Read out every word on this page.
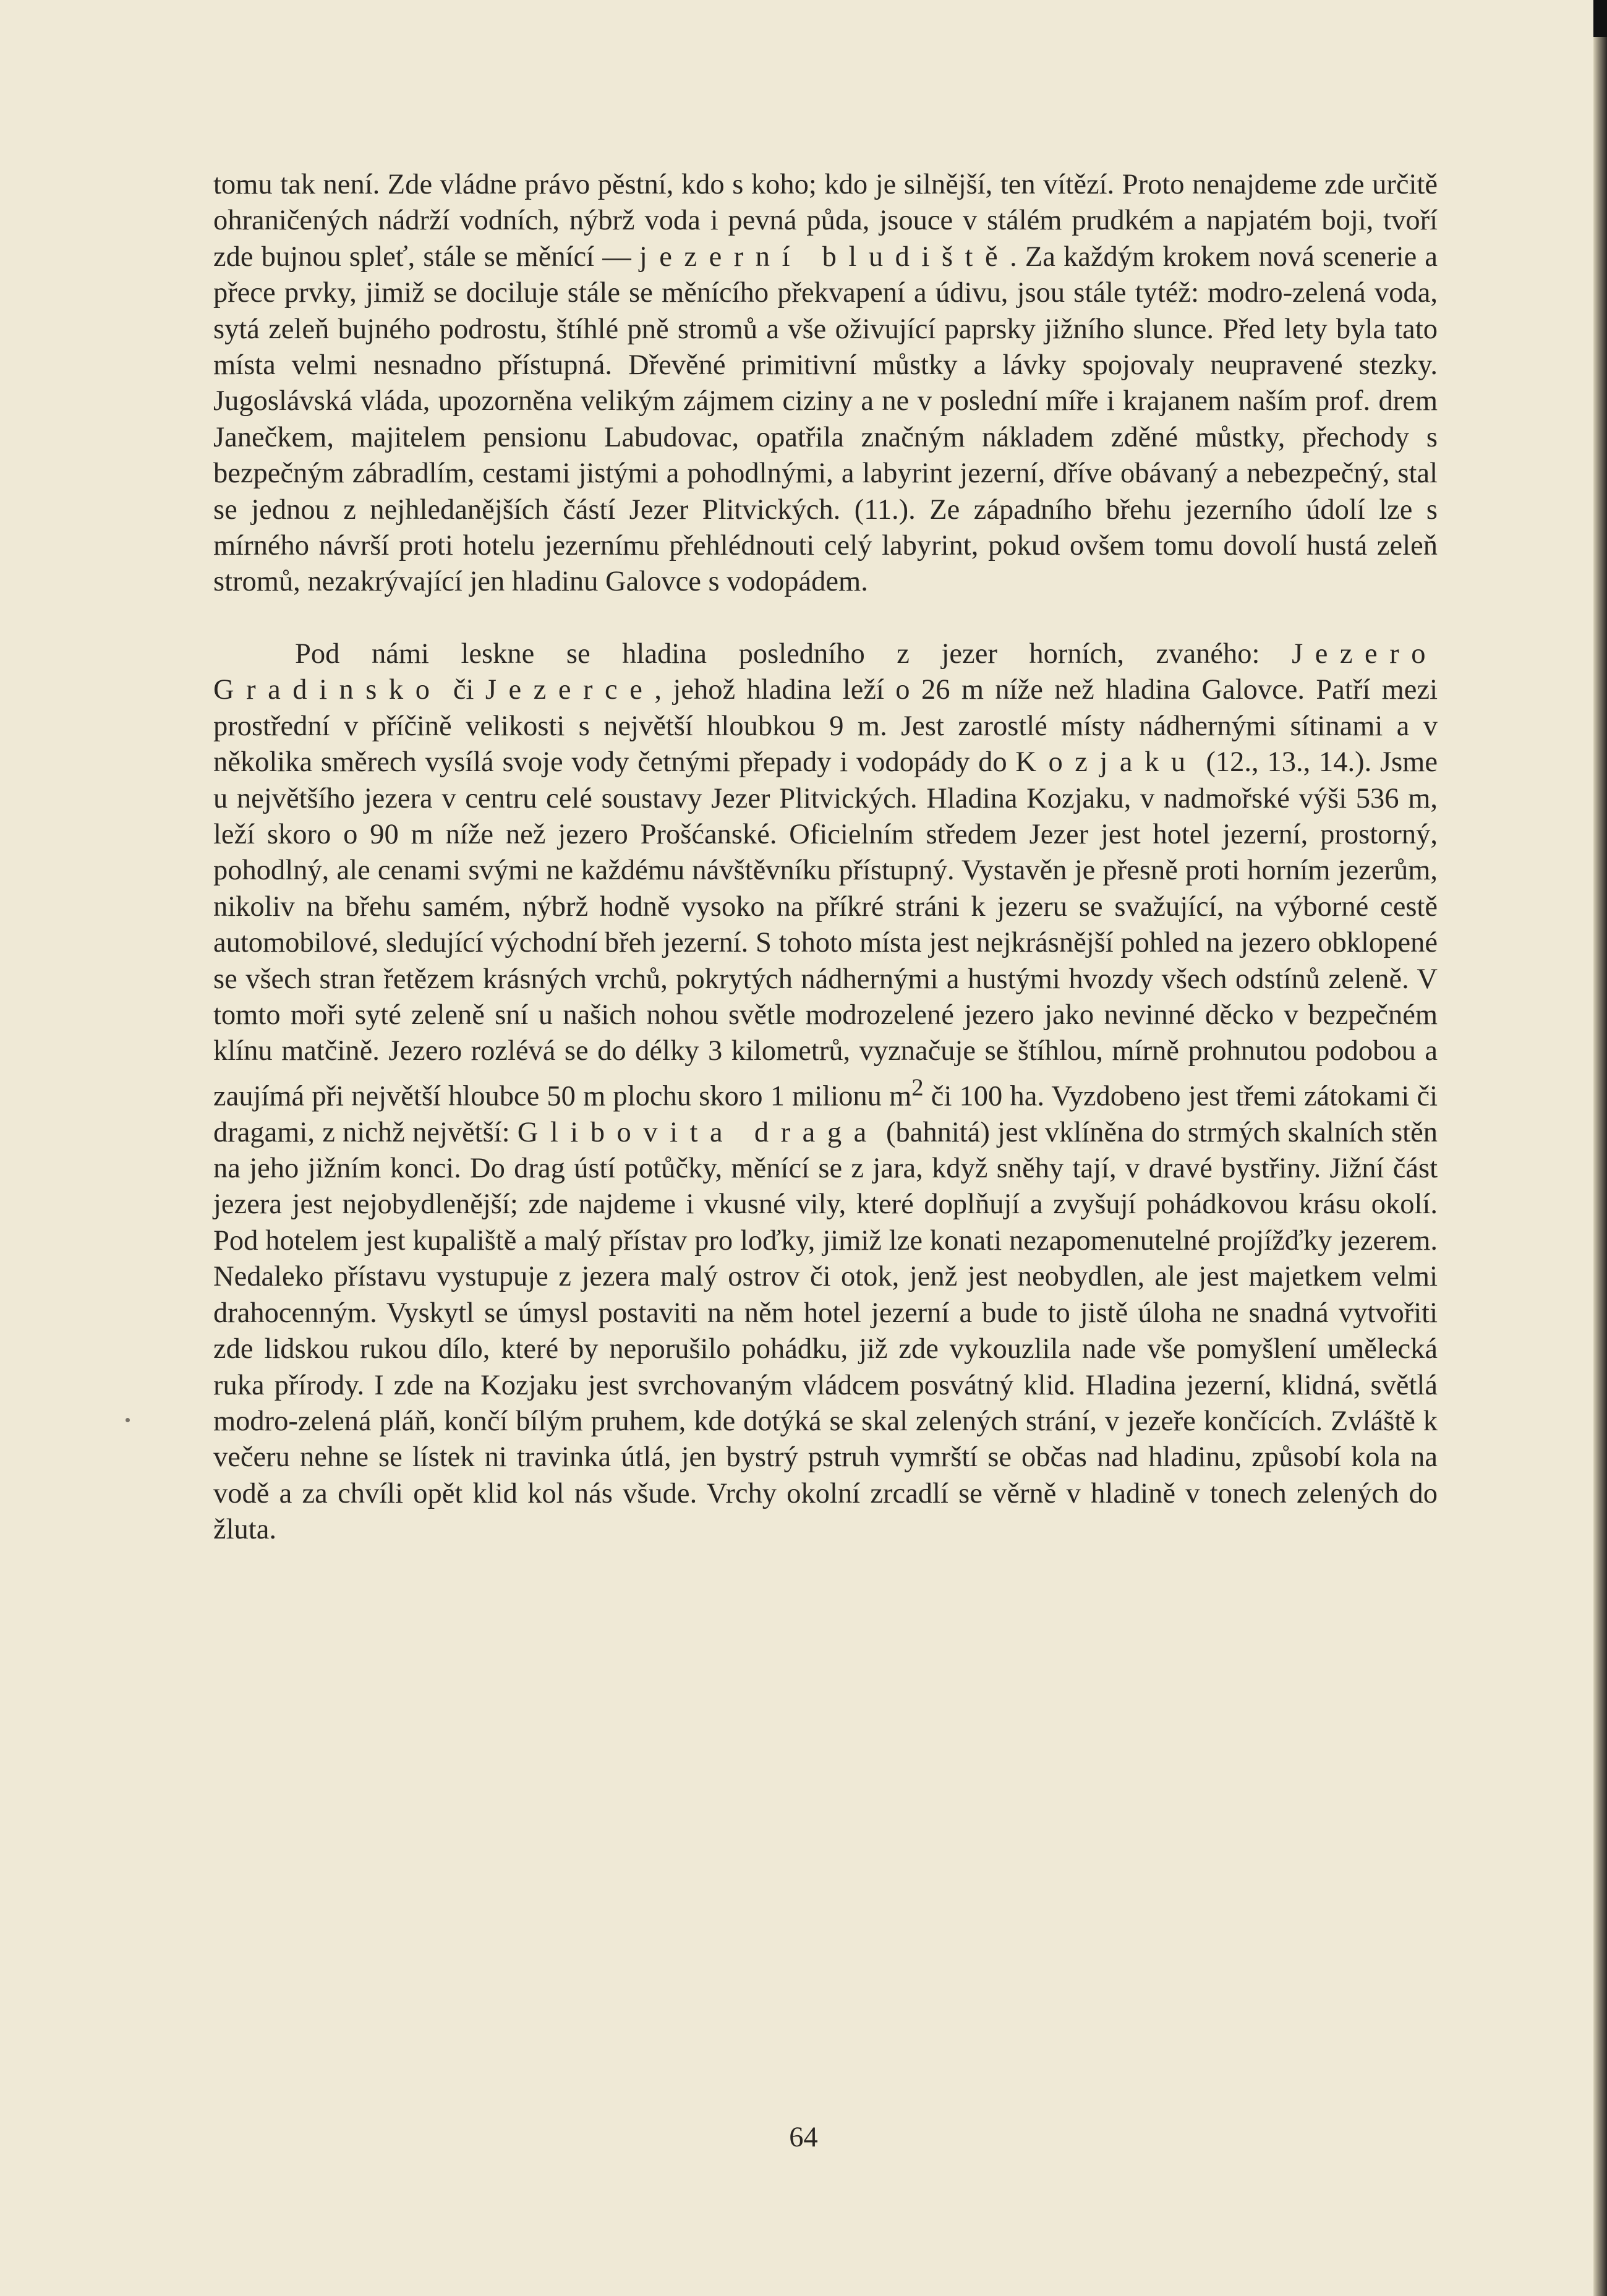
tomu tak není. Zde vládne právo pěstní, kdo s koho; kdo je silnější, ten vítězí. Proto nenajdeme zde určitě ohraničených nádrží vodních, nýbrž voda i pevná půda, jsouce v stálém prudkém a napjatém boji, tvoří zde bujnou spleť, stále se měnící — jezerní bludiště. Za každým krokem nová scenerie a přece prvky, jimiž se dociluje stále se měnícího překvapení a údivu, jsou stále tytéž: modro-zelená voda, sytá zeleň bujného podrostu, štíhlé pně stromů a vše oživující paprsky jižního slunce. Před lety byla tato místa velmi nesnadno přístupná. Dřevěné primitivní můstky a lávky spojovaly neupravené stezky. Jugoslávská vláda, upozorněna velikým zájmem ciziny a ne v poslední míře i krajanem naším prof. drem Janečkem, majitelem pensionu Labudovac, opatřila značným nákladem zděné můstky, přechody s bezpečným zábradlím, cestami jistými a pohodlnými, a labyrint jezerní, dříve obávaný a nebezpečný, stal se jednou z nejhledanějších částí Jezer Plitvických. (11.). Ze západního břehu jezerního údolí lze s mírného návrší proti hotelu jezernímu přehlédnouti celý labyrint, pokud ovšem tomu dovolí hustá zeleň stromů, nezakrývající jen hladinu Galovce s vodopádem.

Pod námi leskne se hladina posledního z jezer horních, zvaného: Jezero Gradinsko či Jezerce, jehož hladina leží o 26 m níže než hladina Galovce. Patří mezi prostřední v příčině velikosti s největší hloubkou 9 m. Jest zarostlé místy nádhernými sítinami a v několika směrech vysílá svoje vody četnými přepady i vodopády do Kozjaku (12., 13., 14.). Jsme u největšího jezera v centru celé soustavy Jezer Plitvických. Hladina Kozjaku, v nadmořské výši 536 m, leží skoro o 90 m níže než jezero Prošćanské. Oficielním středem Jezer jest hotel jezerní, prostorný, pohodlný, ale cenami svými ne každému návštěvníku přístupný. Vystavěn je přesně proti horním jezerům, nikoliv na břehu samém, nýbrž hodně vysoko na příkré stráni k jezeru se svažující, na výborné cestě automobilové, sledující východní břeh jezerní. S tohoto místa jest nejkrásnější pohled na jezero obklopené se všech stran řetězem krásných vrchů, pokrytých nádhernými a hustými hvozdy všech odstínů zeleně. V tomto moři syté zeleně sní u našich nohou světle modrozelené jezero jako nevinné děcko v bezpečném klínu matčině. Jezero rozlévá se do délky 3 kilometrů, vyznačuje se štíhlou, mírně prohnutou podobou a zaujímá při největší hloubce 50 m plochu skoro 1 milionu $m^2$ či 100 ha. Vyzdobeno jest třemi zátokami či dragami, z nichž největší: Glibovita draga (bahnitá) jest vklíněna do strmých skalních stěn na jeho jižním konci. Do drag ústí potůčky, měnící se z jara, když sněhy tají, v dravé bystřiny. Jižní část jezera jest nejobydlenější; zde najdeme i vkusné vily, které doplňují a zvyšují pohádkovou krásu okolí. Pod hotelem jest kupaliště a malý přístav pro loďky, jimiž lze konati nezapomenutelné projížďky jezerem. Nedaleko přístavu vystupuje z jezera malý ostrov či otok, jenž jest neobydlen, ale jest majetkem velmi drahocenným. Vyskytl se úmysl postaviti na něm hotel jezerní a bude to jistě úloha ne snadná vytvořiti zde lidskou rukou dílo, které by neporušilo pohádku, již zde vykouzlila nade vše pomyšlení umělecká ruka přírody. I zde na Kozjaku jest svrchovaným vládcem posvátný klid. Hladina jezerní, klidná, světlá modro-zelená pláň, končí bílým pruhem, kde dotýká se skal zelených strání, v jezeře končících. Zvláště k večeru nehne se lístek ni travinka útlá, jen bystrý pstruh vymrští se občas nad hladinu, způsobí kola na vodě a za chvíli opět klid kol nás všude. Vrchy okolní zrcadlí se věrně v hladině v tonech zelených do žluta.

64
